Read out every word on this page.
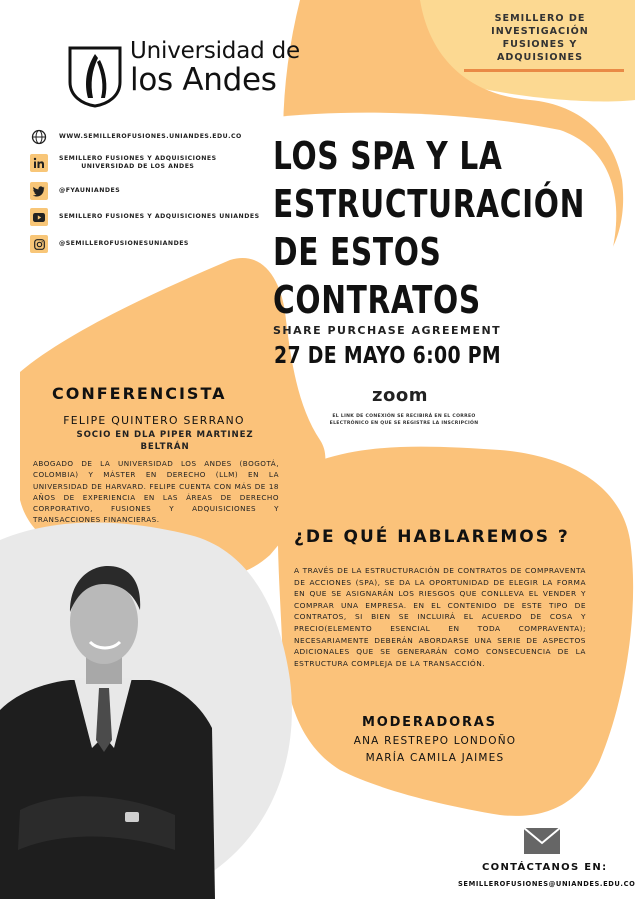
Universidad de
los Andes
SEMILLERO DE
INVESTIGACIÓN
FUSIONES Y
ADQUISIONES
WWW.SEMILLEROFUSIONES.UNIANDES.EDU.CO
SEMILLERO FUSIONES Y ADQUISICIONES
UNIVERSIDAD DE LOS ANDES
@FYAUNIANDES
SEMILLERO FUSIONES Y ADQUISICIONES UNIANDES
@SEMILLEROFUSIONESUNIANDES
LOS SPA Y LA
ESTRUCTURACIÓN
DE ESTOS
CONTRATOS
SHARE PURCHASE AGREEMENT
27 DE MAYO 6:00 PM
zoom
EL LINK DE CONEXIÓN SE RECIBIRÁ EN EL CORREO
ELECTRÓNICO EN QUE SE REGISTRE LA INSCRIPCIÓN
CONFERENCISTA
FELIPE QUINTERO SERRANO
SOCIO EN DLA PIPER MARTINEZ
BELTRÁN
ABOGADO DE LA UNIVERSIDAD LOS ANDES (BOGOTÁ, COLOMBIA) Y MÁSTER EN DERECHO (LLM) EN LA UNIVERSIDAD DE HARVARD. FELIPE CUENTA CON MÁS DE 18 AÑOS DE EXPERIENCIA EN LAS ÁREAS DE DERECHO CORPORATIVO, FUSIONES Y ADQUISICIONES Y TRANSACCIONES FINANCIERAS.
¿DE QUÉ HABLAREMOS ?
A TRAVÉS DE LA ESTRUCTURACIÓN DE CONTRATOS DE COMPRAVENTA DE ACCIONES (SPA), SE DA LA OPORTUNIDAD DE ELEGIR LA FORMA EN QUE SE ASIGNARÁN LOS RIESGOS QUE CONLLEVA EL VENDER Y COMPRAR UNA EMPRESA. EN EL CONTENIDO DE ESTE TIPO DE CONTRATOS, SI BIEN SE INCLUIRÁ EL ACUERDO DE COSA Y PRECIO(ELEMENTO ESENCIAL EN TODA COMPRAVENTA); NECESARIAMENTE DEBERÁN ABORDARSE UNA SERIE DE ASPECTOS ADICIONALES QUE SE GENERARÁN COMO CONSECUENCIA DE LA ESTRUCTURA COMPLEJA DE LA TRANSACCIÓN.
MODERADORAS
ANA RESTREPO LONDOÑO
MARÍA CAMILA JAIMES
CONTÁCTANOS EN:
SEMILLEROFUSIONES@UNIANDES.EDU.CO
